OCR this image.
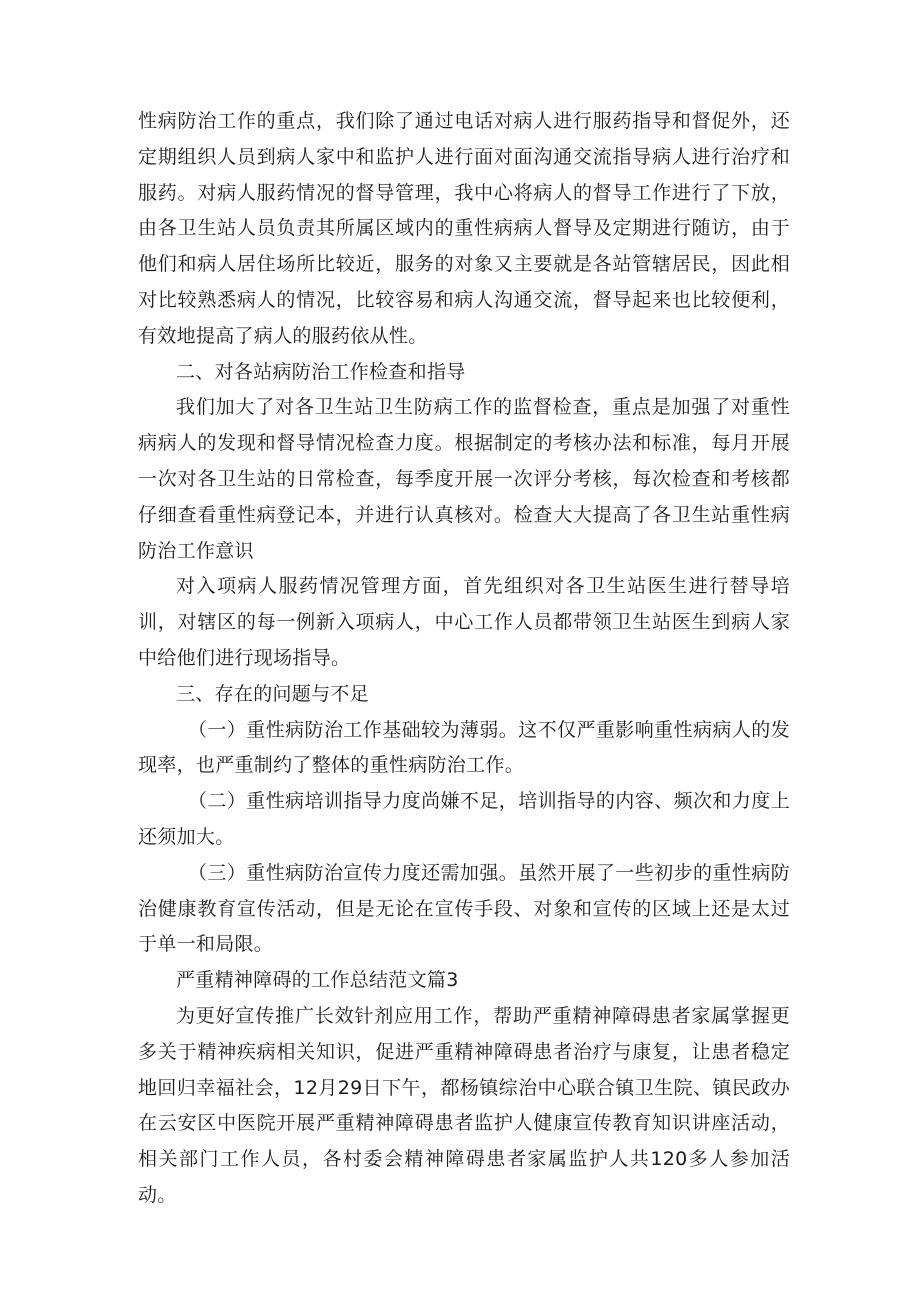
性病防治工作的重点，我们除了通过电话对病人进行服药指导和督促外，还定期组织人员到病人家中和监护人进行面对面沟通交流指导病人进行治疗和服药。对病人服药情况的督导管理，我中心将病人的督导工作进行了下放，由各卫生站人员负责其所属区域内的重性病病人督导及定期进行随访，由于他们和病人居住场所比较近，服务的对象又主要就是各站管辖居民，因此相对比较熟悉病人的情况，比较容易和病人沟通交流，督导起来也比较便利，有效地提高了病人的服药依从性。

二、对各站病防治工作检查和指导

我们加大了对各卫生站卫生防病工作的监督检查，重点是加强了对重性病病人的发现和督导情况检查力度。根据制定的考核办法和标准，每月开展一次对各卫生站的日常检查，每季度开展一次评分考核，每次检查和考核都仔细查看重性病登记本，并进行认真核对。检查大大提高了各卫生站重性病防治工作意识

对入项病人服药情况管理方面，首先组织对各卫生站医生进行替导培训，对辖区的每一例新入项病人，中心工作人员都带领卫生站医生到病人家中给他们进行现场指导。

三、存在的问题与不足

（一）重性病防治工作基础较为薄弱。这不仅严重影响重性病病人的发现率，也严重制约了整体的重性病防治工作。

（二）重性病培训指导力度尚嫌不足，培训指导的内容、频次和力度上还须加大。

（三）重性病防治宣传力度还需加强。虽然开展了一些初步的重性病防治健康教育宣传活动，但是无论在宣传手段、对象和宣传的区域上还是太过于单一和局限。

严重精神障碍的工作总结范文篇3

为更好宣传推广长效针剂应用工作，帮助严重精神障碍患者家属掌握更多关于精神疾病相关知识，促进严重精神障碍患者治疗与康复，让患者稳定地回归幸福社会，12月29日下午，都杨镇综治中心联合镇卫生院、镇民政办在云安区中医院开展严重精神障碍患者监护人健康宣传教育知识讲座活动，相关部门工作人员，各村委会精神障碍患者家属监护人共120多人参加活动。
